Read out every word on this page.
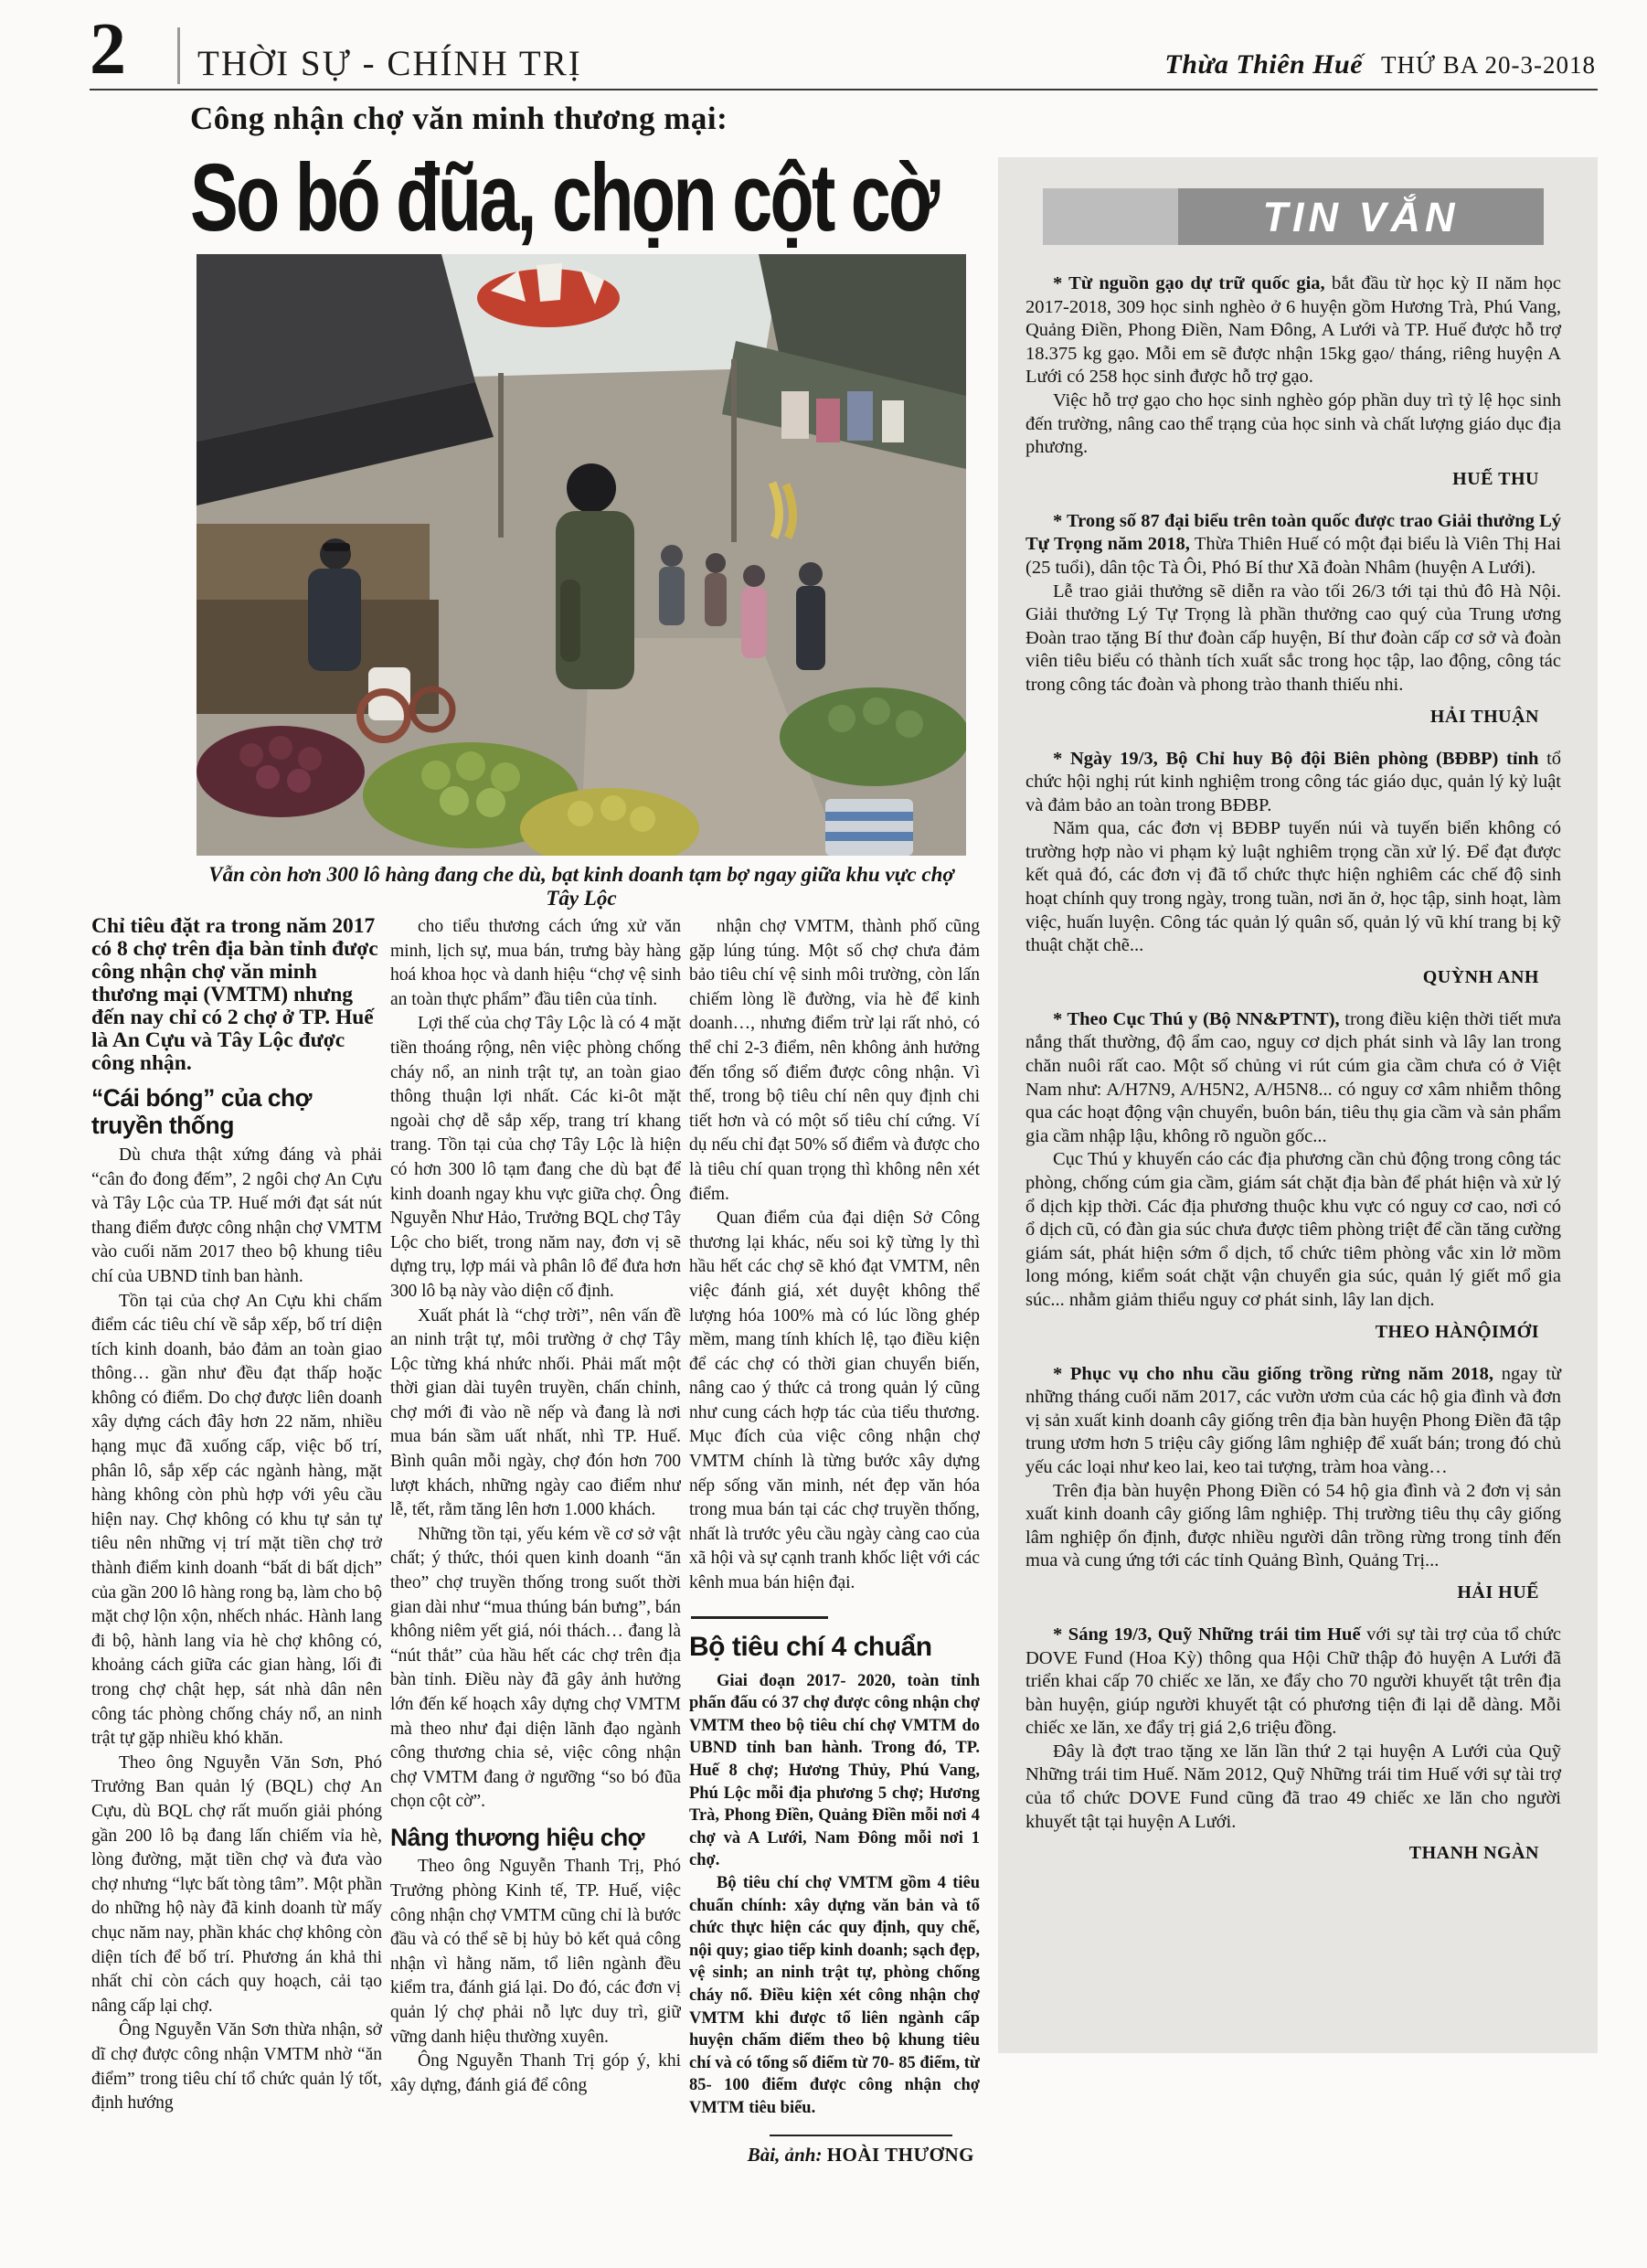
2 THỜI SỰ - CHÍNH TRỊ	Thừa Thiên Huế THỨ BA 20-3-2018
Công nhận chợ văn minh thương mại:
So bó đũa, chọn cột cờ
Vẫn còn hơn 300 lô hàng đang che dù, bạt kinh doanh tạm bợ ngay giữa khu vực chợ Tây Lộc

Chỉ tiêu đặt ra trong năm 2017 có 8 chợ trên địa bàn tỉnh được công nhận chợ văn minh thương mại (VMTM) nhưng đến nay chỉ có 2 chợ ở TP. Huế là An Cựu và Tây Lộc được công nhận.

“Cái bóng” của chợ truyền thống

Dù chưa thật xứng đáng và phải “cân đo đong đếm”, 2 ngôi chợ An Cựu và Tây Lộc của TP. Huế mới đạt sát nút thang điểm được công nhận chợ VMTM vào cuối năm 2017 theo bộ khung tiêu chí của UBND tỉnh ban hành.

Tồn tại của chợ An Cựu khi chấm điểm các tiêu chí về sắp xếp, bố trí diện tích kinh doanh, bảo đảm an toàn giao thông… gần như đều đạt thấp hoặc không có điểm. Do chợ được liên doanh xây dựng cách đây hơn 22 năm, nhiều hạng mục đã xuống cấp, việc bố trí, phân lô, sắp xếp các ngành hàng, mặt hàng không còn phù hợp với yêu cầu hiện nay. Chợ không có khu tự sản tự tiêu nên những vị trí mặt tiền chợ trở thành điểm kinh doanh “bất di bất dịch” của gần 200 lô hàng rong bạ, làm cho bộ mặt chợ lộn xộn, nhếch nhác. Hành lang đi bộ, hành lang vỉa hè chợ không có, khoảng cách giữa các gian hàng, lối đi trong chợ chật hẹp, sát nhà dân nên công tác phòng chống cháy nổ, an ninh trật tự gặp nhiều khó khăn.

Theo ông Nguyễn Văn Sơn, Phó Trưởng Ban quản lý (BQL) chợ An Cựu, dù BQL chợ rất muốn giải phóng gần 200 lô bạ đang lấn chiếm vỉa hè, lòng đường, mặt tiền chợ và đưa vào chợ nhưng “lực bất tòng tâm”. Một phần do những hộ này đã kinh doanh từ mấy chục năm nay, phần khác chợ không còn diện tích để bố trí. Phương án khả thi nhất chỉ còn cách quy hoạch, cải tạo nâng cấp lại chợ.

Ông Nguyễn Văn Sơn thừa nhận, sở dĩ chợ được công nhận VMTM nhờ “ăn điểm” trong tiêu chí tổ chức quản lý tốt, định hướng

cho tiểu thương cách ứng xử văn minh, lịch sự, mua bán, trưng bày hàng hoá khoa học và danh hiệu “chợ vệ sinh an toàn thực phẩm” đầu tiên của tỉnh.

Lợi thế của chợ Tây Lộc là có 4 mặt tiền thoáng rộng, nên việc phòng chống cháy nổ, an ninh trật tự, an toàn giao thông thuận lợi nhất. Các ki-ôt mặt ngoài chợ dễ sắp xếp, trang trí khang trang. Tồn tại của chợ Tây Lộc là hiện có hơn 300 lô tạm đang che dù bạt để kinh doanh ngay khu vực giữa chợ. Ông Nguyễn Như Hảo, Trưởng BQL chợ Tây Lộc cho biết, trong năm nay, đơn vị sẽ dựng trụ, lợp mái và phân lô để đưa hơn 300 lô bạ này vào diện cố định.

Xuất phát là “chợ trời”, nên vấn đề an ninh trật tự, môi trường ở chợ Tây Lộc từng khá nhức nhối. Phải mất một thời gian dài tuyên truyền, chấn chỉnh, chợ mới đi vào nề nếp và đang là nơi mua bán sầm uất nhất, nhì TP. Huế. Bình quân mỗi ngày, chợ đón hơn 700 lượt khách, những ngày cao điểm như lễ, tết, rằm tăng lên hơn 1.000 khách.

Những tồn tại, yếu kém về cơ sở vật chất; ý thức, thói quen kinh doanh “ăn theo” chợ truyền thống trong suốt thời gian dài như “mua thúng bán bưng”, bán không niêm yết giá, nói thách… đang là “nút thắt” của hầu hết các chợ trên địa bàn tỉnh. Điều này đã gây ảnh hưởng lớn đến kế hoạch xây dựng chợ VMTM mà theo như đại diện lãnh đạo ngành công thương chia sẻ, việc công nhận chợ VMTM đang ở ngưỡng “so bó đũa chọn cột cờ”.

Nâng thương hiệu chợ

Theo ông Nguyễn Thanh Trị, Phó Trưởng phòng Kinh tế, TP. Huế, việc công nhận chợ VMTM cũng chỉ là bước đầu và có thể sẽ bị hủy bỏ kết quả công nhận vì hằng năm, tổ liên ngành đều kiểm tra, đánh giá lại. Do đó, các đơn vị quản lý chợ phải nỗ lực duy trì, giữ vững danh hiệu thường xuyên.

Ông Nguyễn Thanh Trị góp ý, khi xây dựng, đánh giá để công

nhận chợ VMTM, thành phố cũng gặp lúng túng. Một số chợ chưa đảm bảo tiêu chí vệ sinh môi trường, còn lấn chiếm lòng lề đường, vỉa hè để kinh doanh…, nhưng điểm trừ lại rất nhỏ, có thể chỉ 2-3 điểm, nên không ảnh hưởng đến tổng số điểm được công nhận. Vì thế, trong bộ tiêu chí nên quy định chi tiết hơn và có một số tiêu chí cứng. Ví dụ nếu chỉ đạt 50% số điểm và được cho là tiêu chí quan trọng thì không nên xét điểm.

Quan điểm của đại diện Sở Công thương lại khác, nếu soi kỹ từng ly thì hầu hết các chợ sẽ khó đạt VMTM, nên việc đánh giá, xét duyệt không thể lượng hóa 100% mà có lúc lồng ghép mềm, mang tính khích lệ, tạo điều kiện để các chợ có thời gian chuyển biến, nâng cao ý thức cả trong quản lý cũng như cung cách hợp tác của tiểu thương. Mục đích của việc công nhận chợ VMTM chính là từng bước xây dựng nếp sống văn minh, nét đẹp văn hóa trong mua bán tại các chợ truyền thống, nhất là trước yêu cầu ngày càng cao của xã hội và sự cạnh tranh khốc liệt với các kênh mua bán hiện đại.

Bộ tiêu chí 4 chuẩn

Giai đoạn 2017- 2020, toàn tỉnh phấn đấu có 37 chợ được công nhận chợ VMTM theo bộ tiêu chí chợ VMTM do UBND tỉnh ban hành. Trong đó, TP. Huế 8 chợ; Hương Thủy, Phú Vang, Phú Lộc mỗi địa phương 5 chợ; Hương Trà, Phong Điền, Quảng Điền mỗi nơi 4 chợ và A Lưới, Nam Đông mỗi nơi 1 chợ.

Bộ tiêu chí chợ VMTM gồm 4 tiêu chuẩn chính: xây dựng văn bản và tổ chức thực hiện các quy định, quy chế, nội quy; giao tiếp kinh doanh; sạch đẹp, vệ sinh; an ninh trật tự, phòng chống cháy nổ. Điều kiện xét công nhận chợ VMTM khi được tổ liên ngành cấp huyện chấm điểm theo bộ khung tiêu chí và có tổng số điểm từ 70- 85 điểm, từ 85- 100 điểm được công nhận chợ VMTM tiêu biểu.

Bài, ảnh: HOÀI THƯƠNG
TIN VẮN

* Từ nguồn gạo dự trữ quốc gia, bắt đầu từ học kỳ II năm học 2017-2018, 309 học sinh nghèo ở 6 huyện gồm Hương Trà, Phú Vang, Quảng Điền, Phong Điền, Nam Đông, A Lưới và TP. Huế được hỗ trợ 18.375 kg gạo. Mỗi em sẽ được nhận 15kg gạo/ tháng, riêng huyện A Lưới có 258 học sinh được hỗ trợ gạo.

Việc hỗ trợ gạo cho học sinh nghèo góp phần duy trì tỷ lệ học sinh đến trường, nâng cao thể trạng của học sinh và chất lượng giáo dục địa phương.

HUẾ THU

* Trong số 87 đại biểu trên toàn quốc được trao Giải thưởng Lý Tự Trọng năm 2018, Thừa Thiên Huế có một đại biểu là Viên Thị Hai (25 tuổi), dân tộc Tà Ôi, Phó Bí thư Xã đoàn Nhâm (huyện A Lưới).

Lễ trao giải thưởng sẽ diễn ra vào tối 26/3 tới tại thủ đô Hà Nội. Giải thưởng Lý Tự Trọng là phần thưởng cao quý của Trung ương Đoàn trao tặng Bí thư đoàn cấp huyện, Bí thư đoàn cấp cơ sở và đoàn viên tiêu biểu có thành tích xuất sắc trong học tập, lao động, công tác trong công tác đoàn và phong trào thanh thiếu nhi.

HẢI THUẬN

* Ngày 19/3, Bộ Chỉ huy Bộ đội Biên phòng (BĐBP) tỉnh tổ chức hội nghị rút kinh nghiệm trong công tác giáo dục, quản lý kỷ luật và đảm bảo an toàn trong BĐBP.

Năm qua, các đơn vị BĐBP tuyến núi và tuyến biển không có trường hợp nào vi phạm kỷ luật nghiêm trọng cần xử lý. Để đạt được kết quả đó, các đơn vị đã tổ chức thực hiện nghiêm các chế độ sinh hoạt chính quy trong ngày, trong tuần, nơi ăn ở, học tập, sinh hoạt, làm việc, huấn luyện. Công tác quản lý quân số, quản lý vũ khí trang bị kỹ thuật chặt chẽ...

QUỲNH ANH

* Theo Cục Thú y (Bộ NN&PTNT), trong điều kiện thời tiết mưa nắng thất thường, độ ẩm cao, nguy cơ dịch phát sinh và lây lan trong chăn nuôi rất cao. Một số chủng vi rút cúm gia cầm chưa có ở Việt Nam như: A/H7N9, A/H5N2, A/H5N8... có nguy cơ xâm nhiễm thông qua các hoạt động vận chuyển, buôn bán, tiêu thụ gia cầm và sản phẩm gia cầm nhập lậu, không rõ nguồn gốc...

Cục Thú y khuyến cáo các địa phương cần chủ động trong công tác phòng, chống cúm gia cầm, giám sát chặt địa bàn để phát hiện và xử lý ổ dịch kịp thời. Các địa phương thuộc khu vực có nguy cơ cao, nơi có ổ dịch cũ, có đàn gia súc chưa được tiêm phòng triệt để cần tăng cường giám sát, phát hiện sớm ổ dịch, tổ chức tiêm phòng vắc xin lở mồm long móng, kiểm soát chặt vận chuyển gia súc, quản lý giết mổ gia súc... nhằm giảm thiểu nguy cơ phát sinh, lây lan dịch.

THEO HÀNỘIMỚI

* Phục vụ cho nhu cầu giống trồng rừng năm 2018, ngay từ những tháng cuối năm 2017, các vườn ươm của các hộ gia đình và đơn vị sản xuất kinh doanh cây giống trên địa bàn huyện Phong Điền đã tập trung ươm hơn 5 triệu cây giống lâm nghiệp để xuất bán; trong đó chủ yếu các loại như keo lai, keo tai tượng, tràm hoa vàng…

Trên địa bàn huyện Phong Điền có 54 hộ gia đình và 2 đơn vị sản xuất kinh doanh cây giống lâm nghiệp. Thị trường tiêu thụ cây giống lâm nghiệp ổn định, được nhiều người dân trồng rừng trong tỉnh đến mua và cung ứng tới các tỉnh Quảng Bình, Quảng Trị...

HẢI HUẾ

* Sáng 19/3, Quỹ Những trái tim Huế với sự tài trợ của tổ chức DOVE Fund (Hoa Kỳ) thông qua Hội Chữ thập đỏ huyện A Lưới đã triển khai cấp 70 chiếc xe lăn, xe đẩy cho 70 người khuyết tật trên địa bàn huyện, giúp người khuyết tật có phương tiện đi lại dễ dàng. Mỗi chiếc xe lăn, xe đẩy trị giá 2,6 triệu đồng.

Đây là đợt trao tặng xe lăn lần thứ 2 tại huyện A Lưới của Quỹ Những trái tim Huế. Năm 2012, Quỹ Những trái tim Huế với sự tài trợ của tổ chức DOVE Fund cũng đã trao 49 chiếc xe lăn cho người khuyết tật tại huyện A Lưới.

THANH NGÀN
